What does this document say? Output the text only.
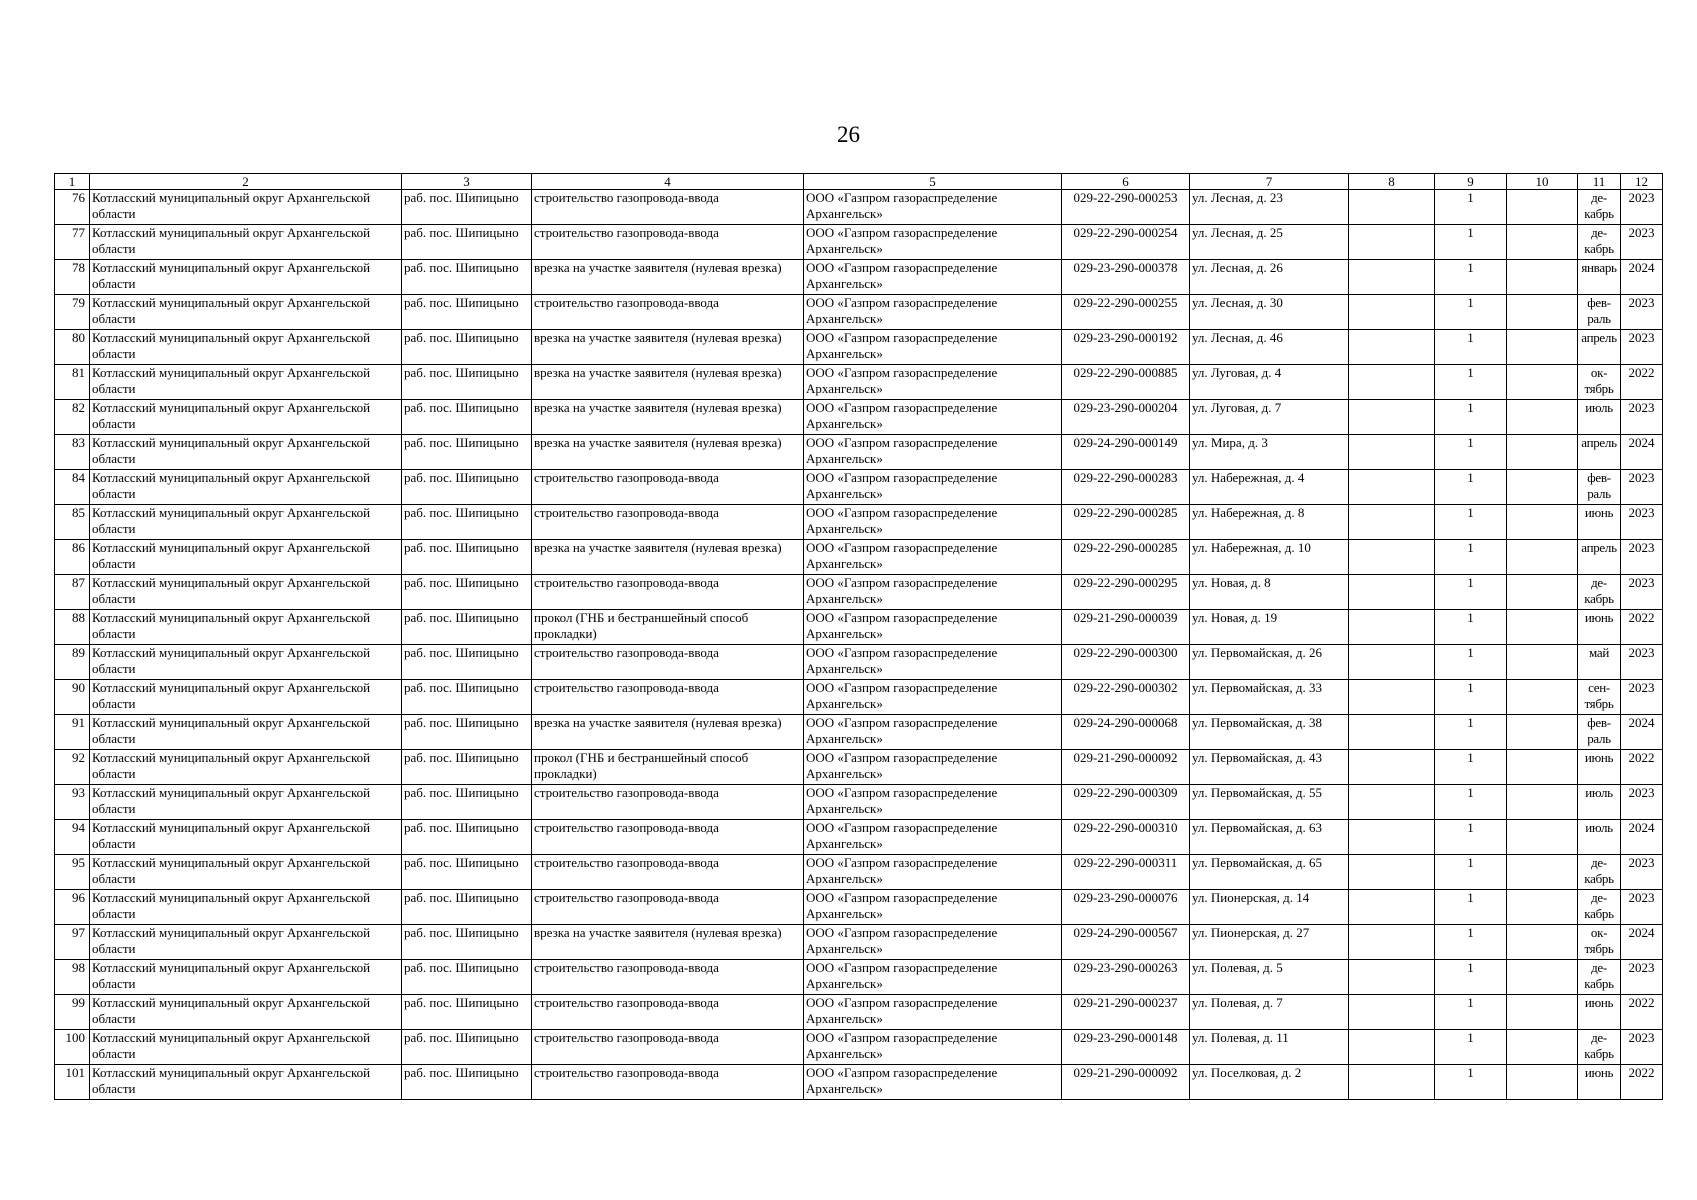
26
1	2	3	4	5	6	7	8	9	10	11	12
76	Котласский муниципальный округ Архангельской области	раб. пос. Шипицыно	строительство газопровода-ввода	ООО «Газпром газораспределение Архангельск»	029-22-290-000253	ул. Лесная, д. 23		1		де-кабрь	2023
77	Котласский муниципальный округ Архангельской области	раб. пос. Шипицыно	строительство газопровода-ввода	ООО «Газпром газораспределение Архангельск»	029-22-290-000254	ул. Лесная, д. 25		1		де-кабрь	2023
78	Котласский муниципальный округ Архангельской области	раб. пос. Шипицыно	врезка на участке заявителя (нулевая врезка)	ООО «Газпром газораспределение Архангельск»	029-23-290-000378	ул. Лесная, д. 26		1		январь	2024
79	Котласский муниципальный округ Архангельской области	раб. пос. Шипицыно	строительство газопровода-ввода	ООО «Газпром газораспределение Архангельск»	029-22-290-000255	ул. Лесная, д. 30		1		фев-раль	2023
80	Котласский муниципальный округ Архангельской области	раб. пос. Шипицыно	врезка на участке заявителя (нулевая врезка)	ООО «Газпром газораспределение Архангельск»	029-23-290-000192	ул. Лесная, д. 46		1		апрель	2023
81	Котласский муниципальный округ Архангельской области	раб. пос. Шипицыно	врезка на участке заявителя (нулевая врезка)	ООО «Газпром газораспределение Архангельск»	029-22-290-000885	ул. Луговая, д. 4		1		ок-тябрь	2022
82	Котласский муниципальный округ Архангельской области	раб. пос. Шипицыно	врезка на участке заявителя (нулевая врезка)	ООО «Газпром газораспределение Архангельск»	029-23-290-000204	ул. Луговая, д. 7		1		июль	2023
83	Котласский муниципальный округ Архангельской области	раб. пос. Шипицыно	врезка на участке заявителя (нулевая врезка)	ООО «Газпром газораспределение Архангельск»	029-24-290-000149	ул. Мира, д. 3		1		апрель	2024
84	Котласский муниципальный округ Архангельской области	раб. пос. Шипицыно	строительство газопровода-ввода	ООО «Газпром газораспределение Архангельск»	029-22-290-000283	ул. Набережная, д. 4		1		фев-раль	2023
85	Котласский муниципальный округ Архангельской области	раб. пос. Шипицыно	строительство газопровода-ввода	ООО «Газпром газораспределение Архангельск»	029-22-290-000285	ул. Набережная, д. 8		1		июнь	2023
86	Котласский муниципальный округ Архангельской области	раб. пос. Шипицыно	врезка на участке заявителя (нулевая врезка)	ООО «Газпром газораспределение Архангельск»	029-22-290-000285	ул. Набережная, д. 10		1		апрель	2023
87	Котласский муниципальный округ Архангельской области	раб. пос. Шипицыно	строительство газопровода-ввода	ООО «Газпром газораспределение Архангельск»	029-22-290-000295	ул. Новая, д. 8		1		де-кабрь	2023
88	Котласский муниципальный округ Архангельской области	раб. пос. Шипицыно	прокол (ГНБ и бестраншейный способ прокладки)	ООО «Газпром газораспределение Архангельск»	029-21-290-000039	ул. Новая, д. 19		1		июнь	2022
89	Котласский муниципальный округ Архангельской области	раб. пос. Шипицыно	строительство газопровода-ввода	ООО «Газпром газораспределение Архангельск»	029-22-290-000300	ул. Первомайская, д. 26		1		май	2023
90	Котласский муниципальный округ Архангельской области	раб. пос. Шипицыно	строительство газопровода-ввода	ООО «Газпром газораспределение Архангельск»	029-22-290-000302	ул. Первомайская, д. 33		1		сен-тябрь	2023
91	Котласский муниципальный округ Архангельской области	раб. пос. Шипицыно	врезка на участке заявителя (нулевая врезка)	ООО «Газпром газораспределение Архангельск»	029-24-290-000068	ул. Первомайская, д. 38		1		фев-раль	2024
92	Котласский муниципальный округ Архангельской области	раб. пос. Шипицыно	прокол (ГНБ и бестраншейный способ прокладки)	ООО «Газпром газораспределение Архангельск»	029-21-290-000092	ул. Первомайская, д. 43		1		июнь	2022
93	Котласский муниципальный округ Архангельской области	раб. пос. Шипицыно	строительство газопровода-ввода	ООО «Газпром газораспределение Архангельск»	029-22-290-000309	ул. Первомайская, д. 55		1		июль	2023
94	Котласский муниципальный округ Архангельской области	раб. пос. Шипицыно	строительство газопровода-ввода	ООО «Газпром газораспределение Архангельск»	029-22-290-000310	ул. Первомайская, д. 63		1		июль	2024
95	Котласский муниципальный округ Архангельской области	раб. пос. Шипицыно	строительство газопровода-ввода	ООО «Газпром газораспределение Архангельск»	029-22-290-000311	ул. Первомайская, д. 65		1		де-кабрь	2023
96	Котласский муниципальный округ Архангельской области	раб. пос. Шипицыно	строительство газопровода-ввода	ООО «Газпром газораспределение Архангельск»	029-23-290-000076	ул. Пионерская, д. 14		1		де-кабрь	2023
97	Котласский муниципальный округ Архангельской области	раб. пос. Шипицыно	врезка на участке заявителя (нулевая врезка)	ООО «Газпром газораспределение Архангельск»	029-24-290-000567	ул. Пионерская, д. 27		1		ок-тябрь	2024
98	Котласский муниципальный округ Архангельской области	раб. пос. Шипицыно	строительство газопровода-ввода	ООО «Газпром газораспределение Архангельск»	029-23-290-000263	ул. Полевая, д. 5		1		де-кабрь	2023
99	Котласский муниципальный округ Архангельской области	раб. пос. Шипицыно	строительство газопровода-ввода	ООО «Газпром газораспределение Архангельск»	029-21-290-000237	ул. Полевая, д. 7		1		июнь	2022
100	Котласский муниципальный округ Архангельской области	раб. пос. Шипицыно	строительство газопровода-ввода	ООО «Газпром газораспределение Архангельск»	029-23-290-000148	ул. Полевая, д. 11		1		де-кабрь	2023
101	Котласский муниципальный округ Архангельской области	раб. пос. Шипицыно	строительство газопровода-ввода	ООО «Газпром газораспределение Архангельск»	029-21-290-000092	ул. Поселковая, д. 2		1		июнь	2022
